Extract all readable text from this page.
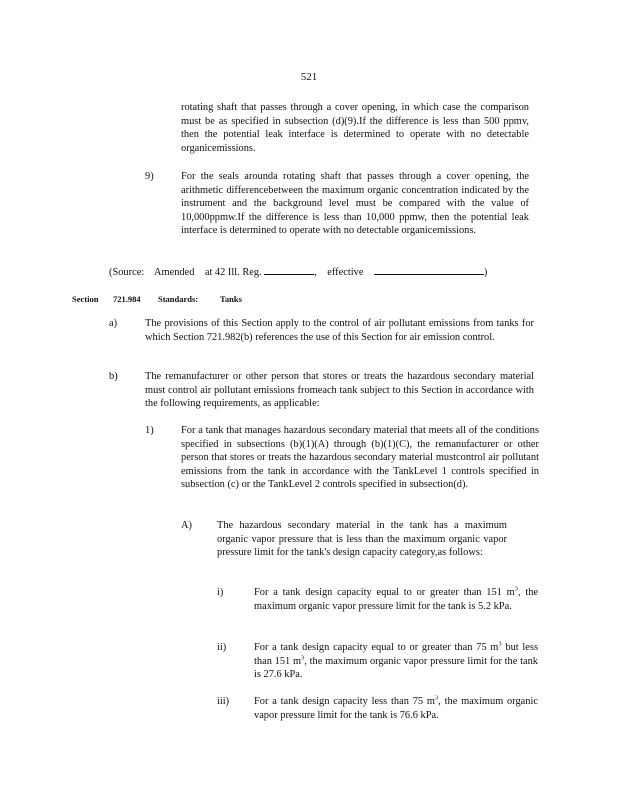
521

rotating shaft that passes through a cover opening, in which case the comparison must be as specified in subsection (d)(9).If the difference is less than 500 ppmv, then the potential leak interface is determined to operate with no detectable organicemissions.

9)	For the seals arounda rotating shaft that passes through a cover opening, the arithmetic differencebetween the maximum organic concentration indicated by the instrument and the background level must be compared with the value of 10,000ppmw.If the difference is less than 10,000 ppmw, then the potential leak interface is determined to operate with no detectable organicemissions.

(Source: Amended at 42 Ill. Reg.	, effective	)

Section 721.984 Standards:	Tanks
a)	The provisions of this Section apply to the control of air pollutant emissions from tanks for which Section 721.982(b) references the use of this Section for air emission control.

b)	The remanufacturer or other person that stores or treats the hazardous secondary material must control air pollutant emissions fromeach tank subject to this Section in accordance with the following requirements, as applicable:

1)	For a tank that manages hazardous secondary material that meets all of the conditions specified in subsections (b)(1)(A) through (b)(1)(C), the remanufacturer or other person that stores or treats the hazardous secondary material mustcontrol air pollutant emissions from the tank in accordance with the TankLevel 1 controls specified in subsection (c) or the TankLevel 2 controls specified in subsection(d).

A) The hazardous secondary material in the tank has a maximum organic vapor pressure that is less than the maximum organic vapor pressure limit for the tank's design capacity category,as follows:

i)	For a tank design capacity equal to or greater than 151 $m^3$, the maximum organic vapor pressure limit for the tank is 5.2 kPa.

ii)	For a tank design capacity equal to or greater than 75 $m^3$ but less than 151 $m^3$, the maximum organic vapor pressure limit for the tank is 27.6 kPa.

iii) For a tank design capacity less than 75 $m^3$, the maximum organic vapor pressure limit for the tank is 76.6 kPa.
